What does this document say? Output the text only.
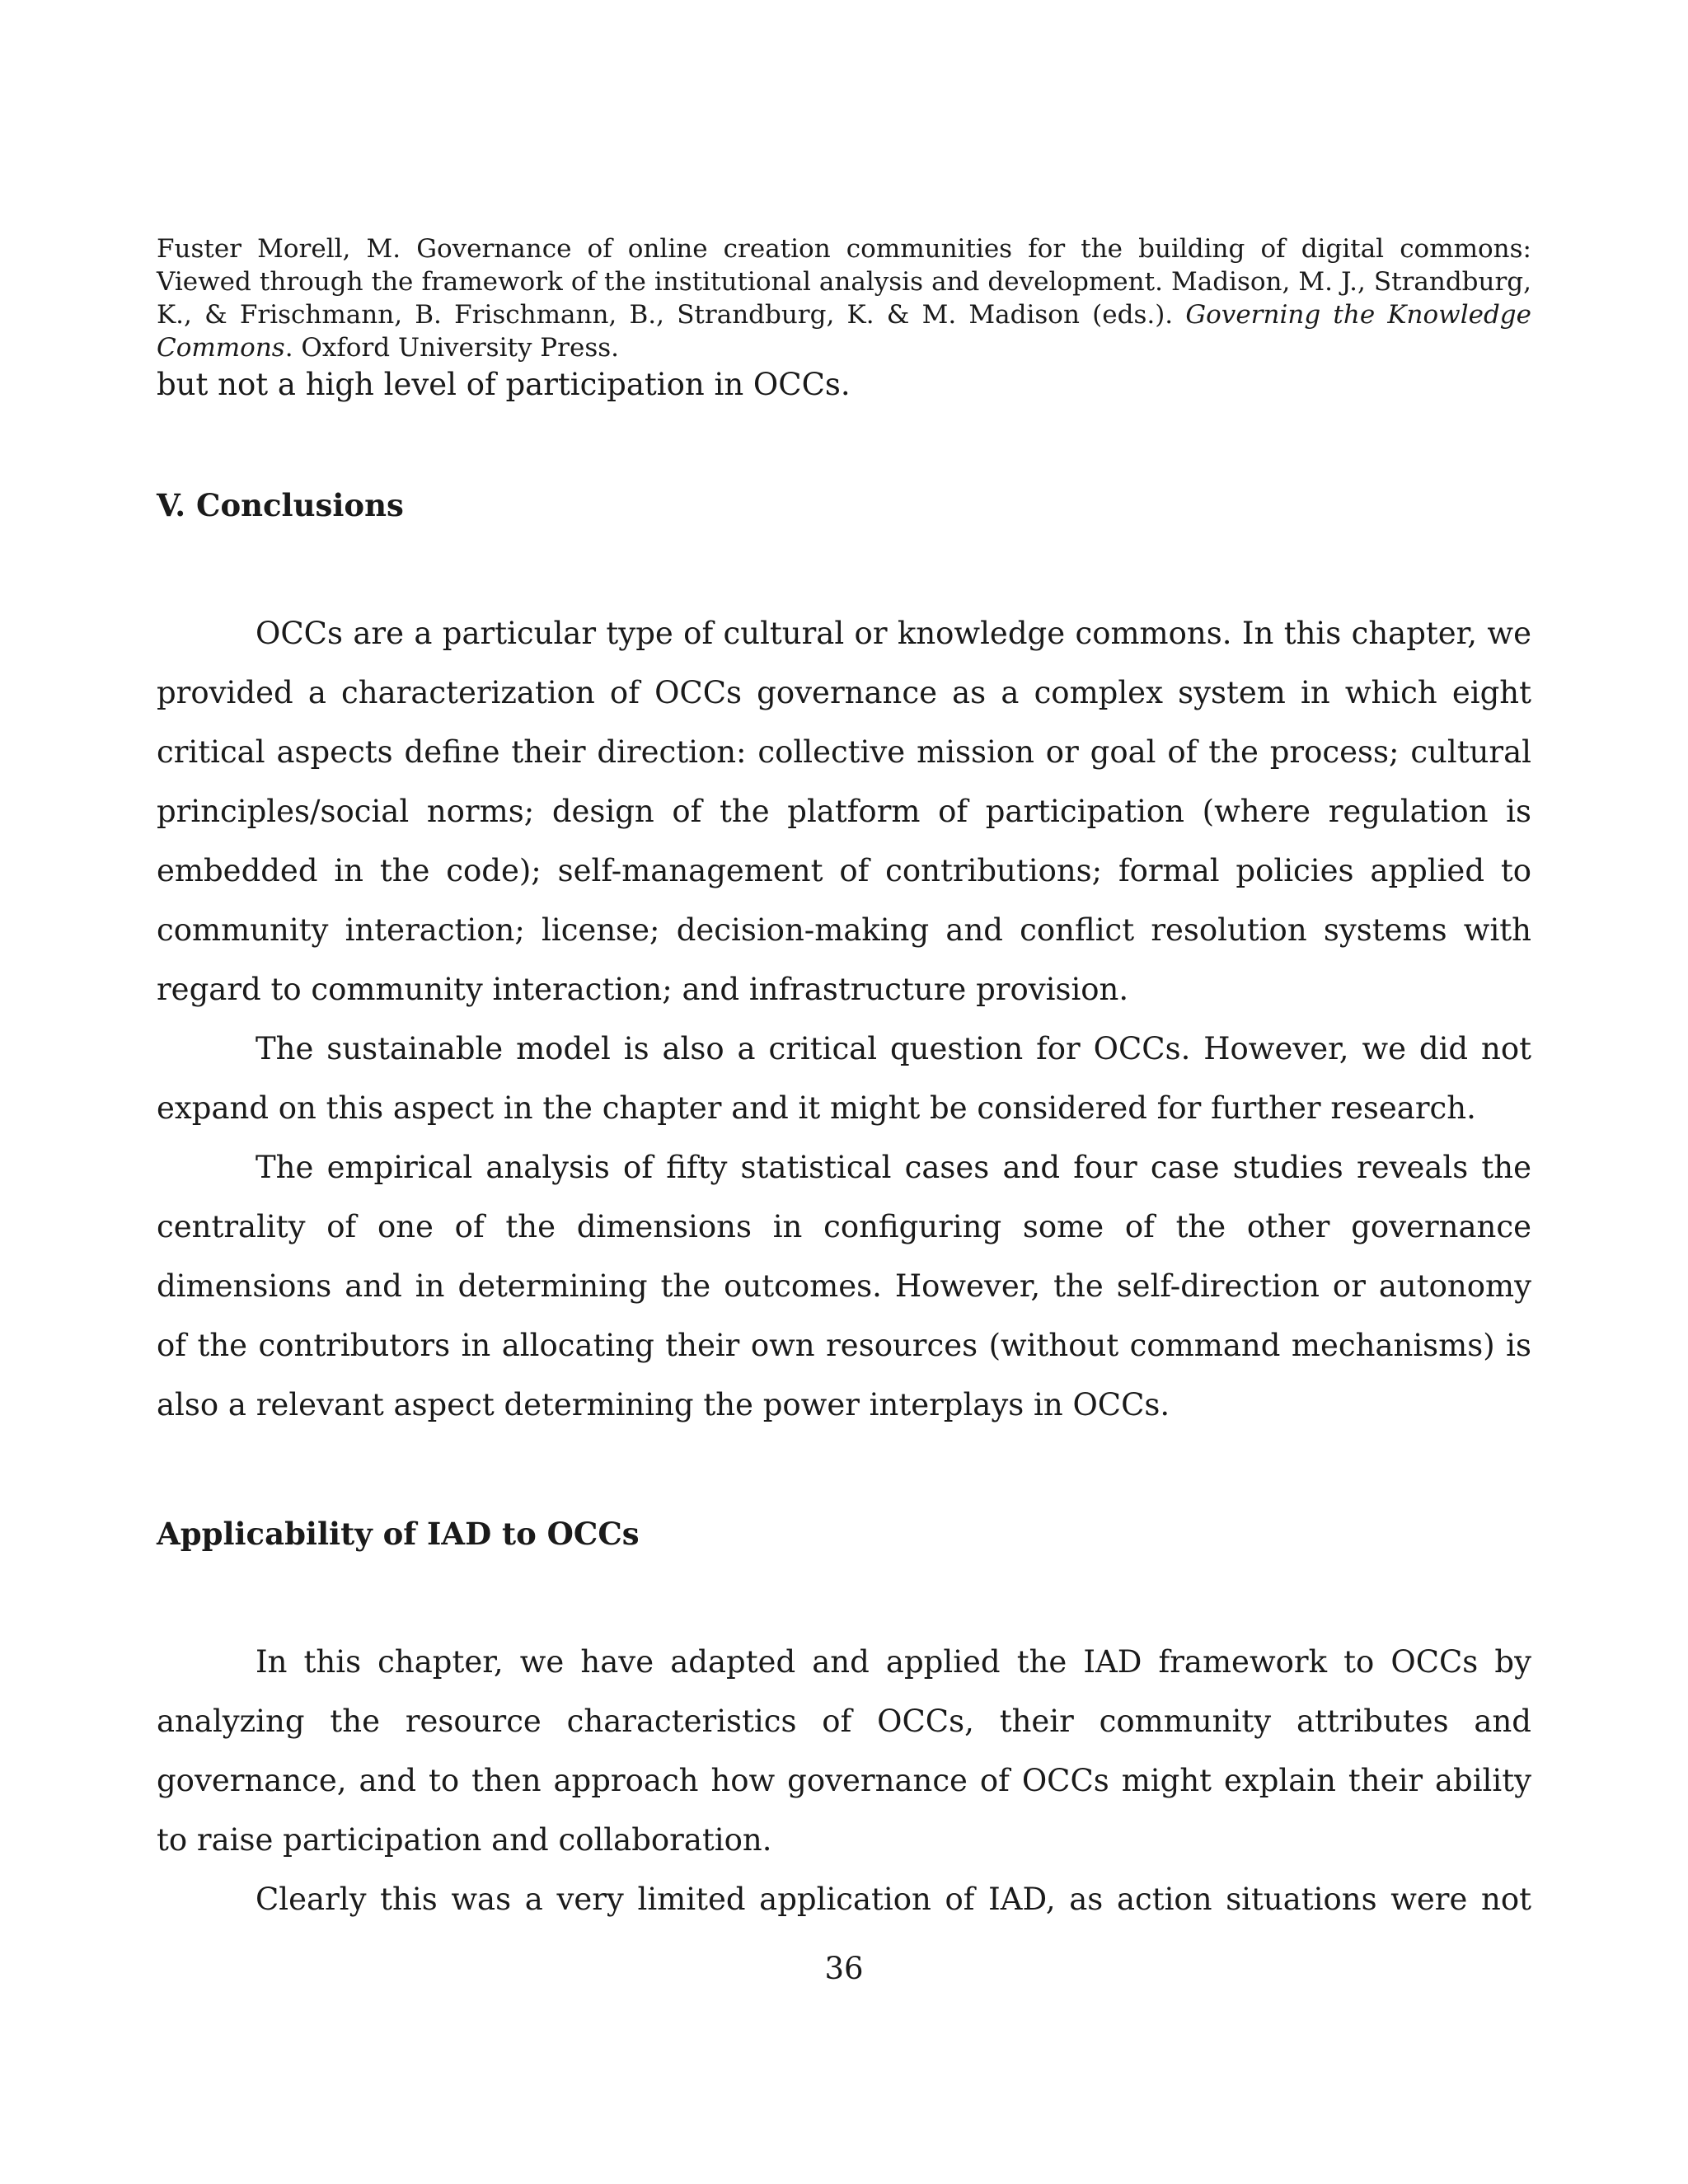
Fuster Morell, M. Governance of online creation communities for the building of digital commons: Viewed through the framework of the institutional analysis and development. Madison, M. J., Strandburg, K., & Frischmann, B. Frischmann, B., Strandburg, K. & M. Madison (eds.). Governing the Knowledge Commons. Oxford University Press.

but not a high level of participation in OCCs.

V. Conclusions

OCCs are a particular type of cultural or knowledge commons. In this chapter, we provided a characterization of OCCs governance as a complex system in which eight critical aspects define their direction: collective mission or goal of the process; cultural principles/social norms; design of the platform of participation (where regulation is embedded in the code); self-management of contributions; formal policies applied to community interaction; license; decision-making and conflict resolution systems with regard to community interaction; and infrastructure provision.

The sustainable model is also a critical question for OCCs. However, we did not expand on this aspect in the chapter and it might be considered for further research.

The empirical analysis of fifty statistical cases and four case studies reveals the centrality of one of the dimensions in configuring some of the other governance dimensions and in determining the outcomes. However, the self-direction or autonomy of the contributors in allocating their own resources (without command mechanisms) is also a relevant aspect determining the power interplays in OCCs.

Applicability of IAD to OCCs

In this chapter, we have adapted and applied the IAD framework to OCCs by analyzing the resource characteristics of OCCs, their community attributes and governance, and to then approach how governance of OCCs might explain their ability to raise participation and collaboration.

Clearly this was a very limited application of IAD, as action situations were not

36
